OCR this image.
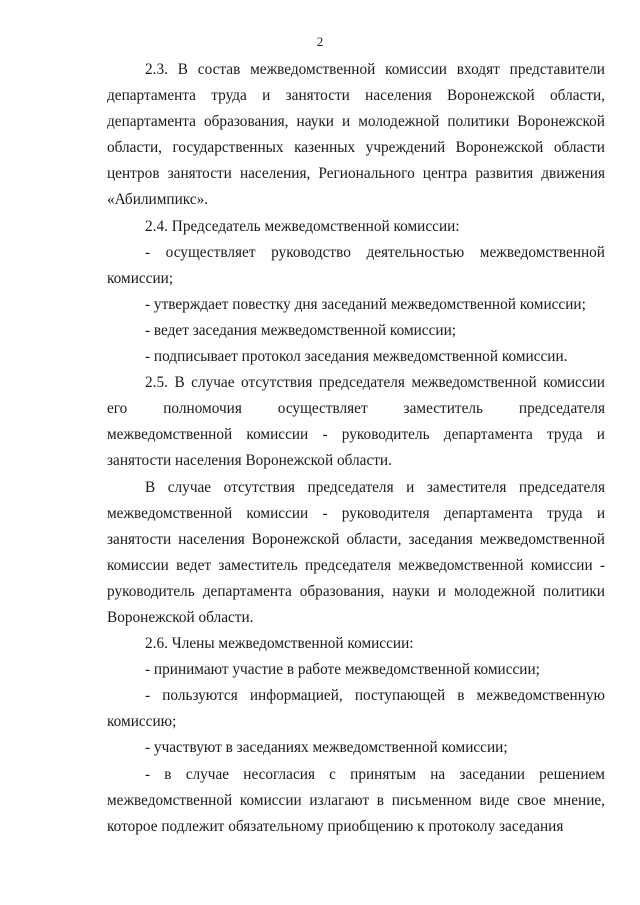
2

2.3. В состав межведомственной комиссии входят представители департамента труда и занятости населения Воронежской области, департамента образования, науки и молодежной политики Воронежской области, государственных казенных учреждений Воронежской области центров занятости населения, Регионального центра развития движения «Абилимпикс».

2.4. Председатель межведомственной комиссии:

- осуществляет руководство деятельностью межведомственной комиссии;

- утверждает повестку дня заседаний межведомственной комиссии;

- ведет заседания межведомственной комиссии;

- подписывает протокол заседания межведомственной комиссии.

2.5. В случае отсутствия председателя межведомственной комиссии его полномочия осуществляет заместитель председателя межведомственной комиссии - руководитель департамента труда и занятости населения Воронежской области.

В случае отсутствия председателя и заместителя председателя межведомственной комиссии - руководителя департамента труда и занятости населения Воронежской области, заседания межведомственной комиссии ведет заместитель председателя межведомственной комиссии - руководитель департамента образования, науки и молодежной политики Воронежской области.

2.6. Члены межведомственной комиссии:

- принимают участие в работе межведомственной комиссии;

- пользуются информацией, поступающей в межведомственную комиссию;

- участвуют в заседаниях межведомственной комиссии;

- в случае несогласия с принятым на заседании решением межведомственной комиссии излагают в письменном виде свое мнение, которое подлежит обязательному приобщению к протоколу заседания
